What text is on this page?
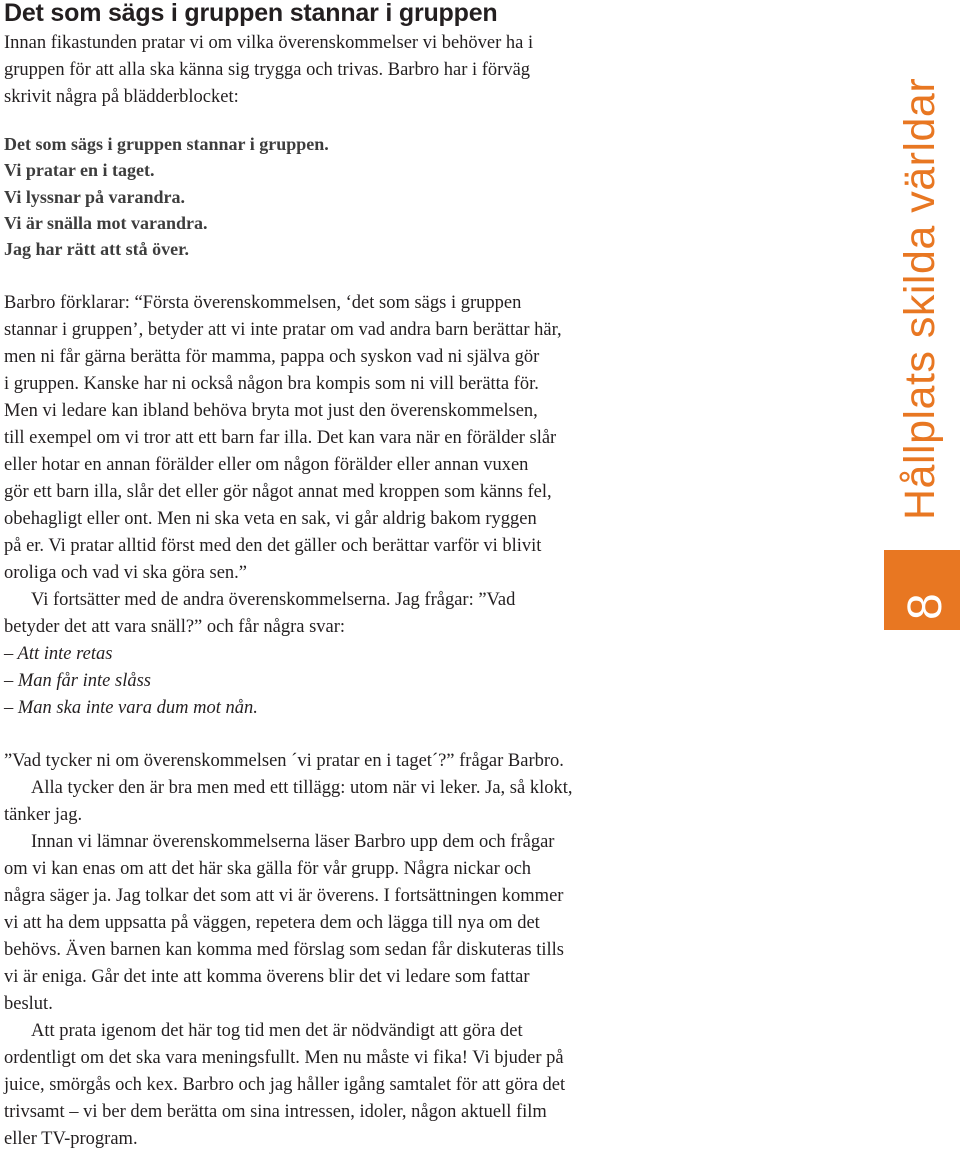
Det som sägs i gruppen stannar i gruppen
Innan fikastunden pratar vi om vilka överenskommelser vi behöver ha i
gruppen för att alla ska känna sig trygga och trivas. Barbro har i förväg
skrivit några på blädderblocket:
Det som sägs i gruppen stannar i gruppen.
Vi pratar en i taget.
Vi lyssnar på varandra.
Vi är snälla mot varandra.
Jag har rätt att stå över.
Barbro förklarar: “Första överenskommelsen, ‘det som sägs i gruppen
stannar i gruppen’, betyder att vi inte pratar om vad andra barn berättar här,
men ni får gärna berätta för mamma, pappa och syskon vad ni själva gör
i gruppen. Kanske har ni också någon bra kompis som ni vill berätta för.
Men vi ledare kan ibland behöva bryta mot just den överenskommelsen,
till exempel om vi tror att ett barn far illa. Det kan vara när en förälder slår
eller hotar en annan förälder eller om någon förälder eller annan vuxen
gör ett barn illa, slår det eller gör något annat med kroppen som känns fel,
obehagligt eller ont. Men ni ska veta en sak, vi går aldrig bakom ryggen
på er. Vi pratar alltid först med den det gäller och berättar varför vi blivit
oroliga och vad vi ska göra sen.”
Vi fortsätter med de andra överenskommelserna. Jag frågar: ”Vad
betyder det att vara snäll?” och får några svar:
– Att inte retas
– Man får inte slåss
– Man ska inte vara dum mot nån.
”Vad tycker ni om överenskommelsen ´vi pratar en i taget´?” frågar Barbro.
Alla tycker den är bra men med ett tillägg: utom när vi leker. Ja, så klokt,
tänker jag.
Innan vi lämnar överenskommelserna läser Barbro upp dem och frågar
om vi kan enas om att det här ska gälla för vår grupp. Några nickar och
några säger ja. Jag tolkar det som att vi är överens. I fortsättningen kommer
vi att ha dem uppsatta på väggen, repetera dem och lägga till nya om det
behövs. Även barnen kan komma med förslag som sedan får diskuteras tills
vi är eniga. Går det inte att komma överens blir det vi ledare som fattar
beslut.
Att prata igenom det här tog tid men det är nödvändigt att göra det
ordentligt om det ska vara meningsfullt. Men nu måste vi fika! Vi bjuder på
juice, smörgås och kex. Barbro och jag håller igång samtalet för att göra det
trivsamt – vi ber dem berätta om sina intressen, idoler, någon aktuell film
eller TV-program.
Hållplats skilda världar
8
